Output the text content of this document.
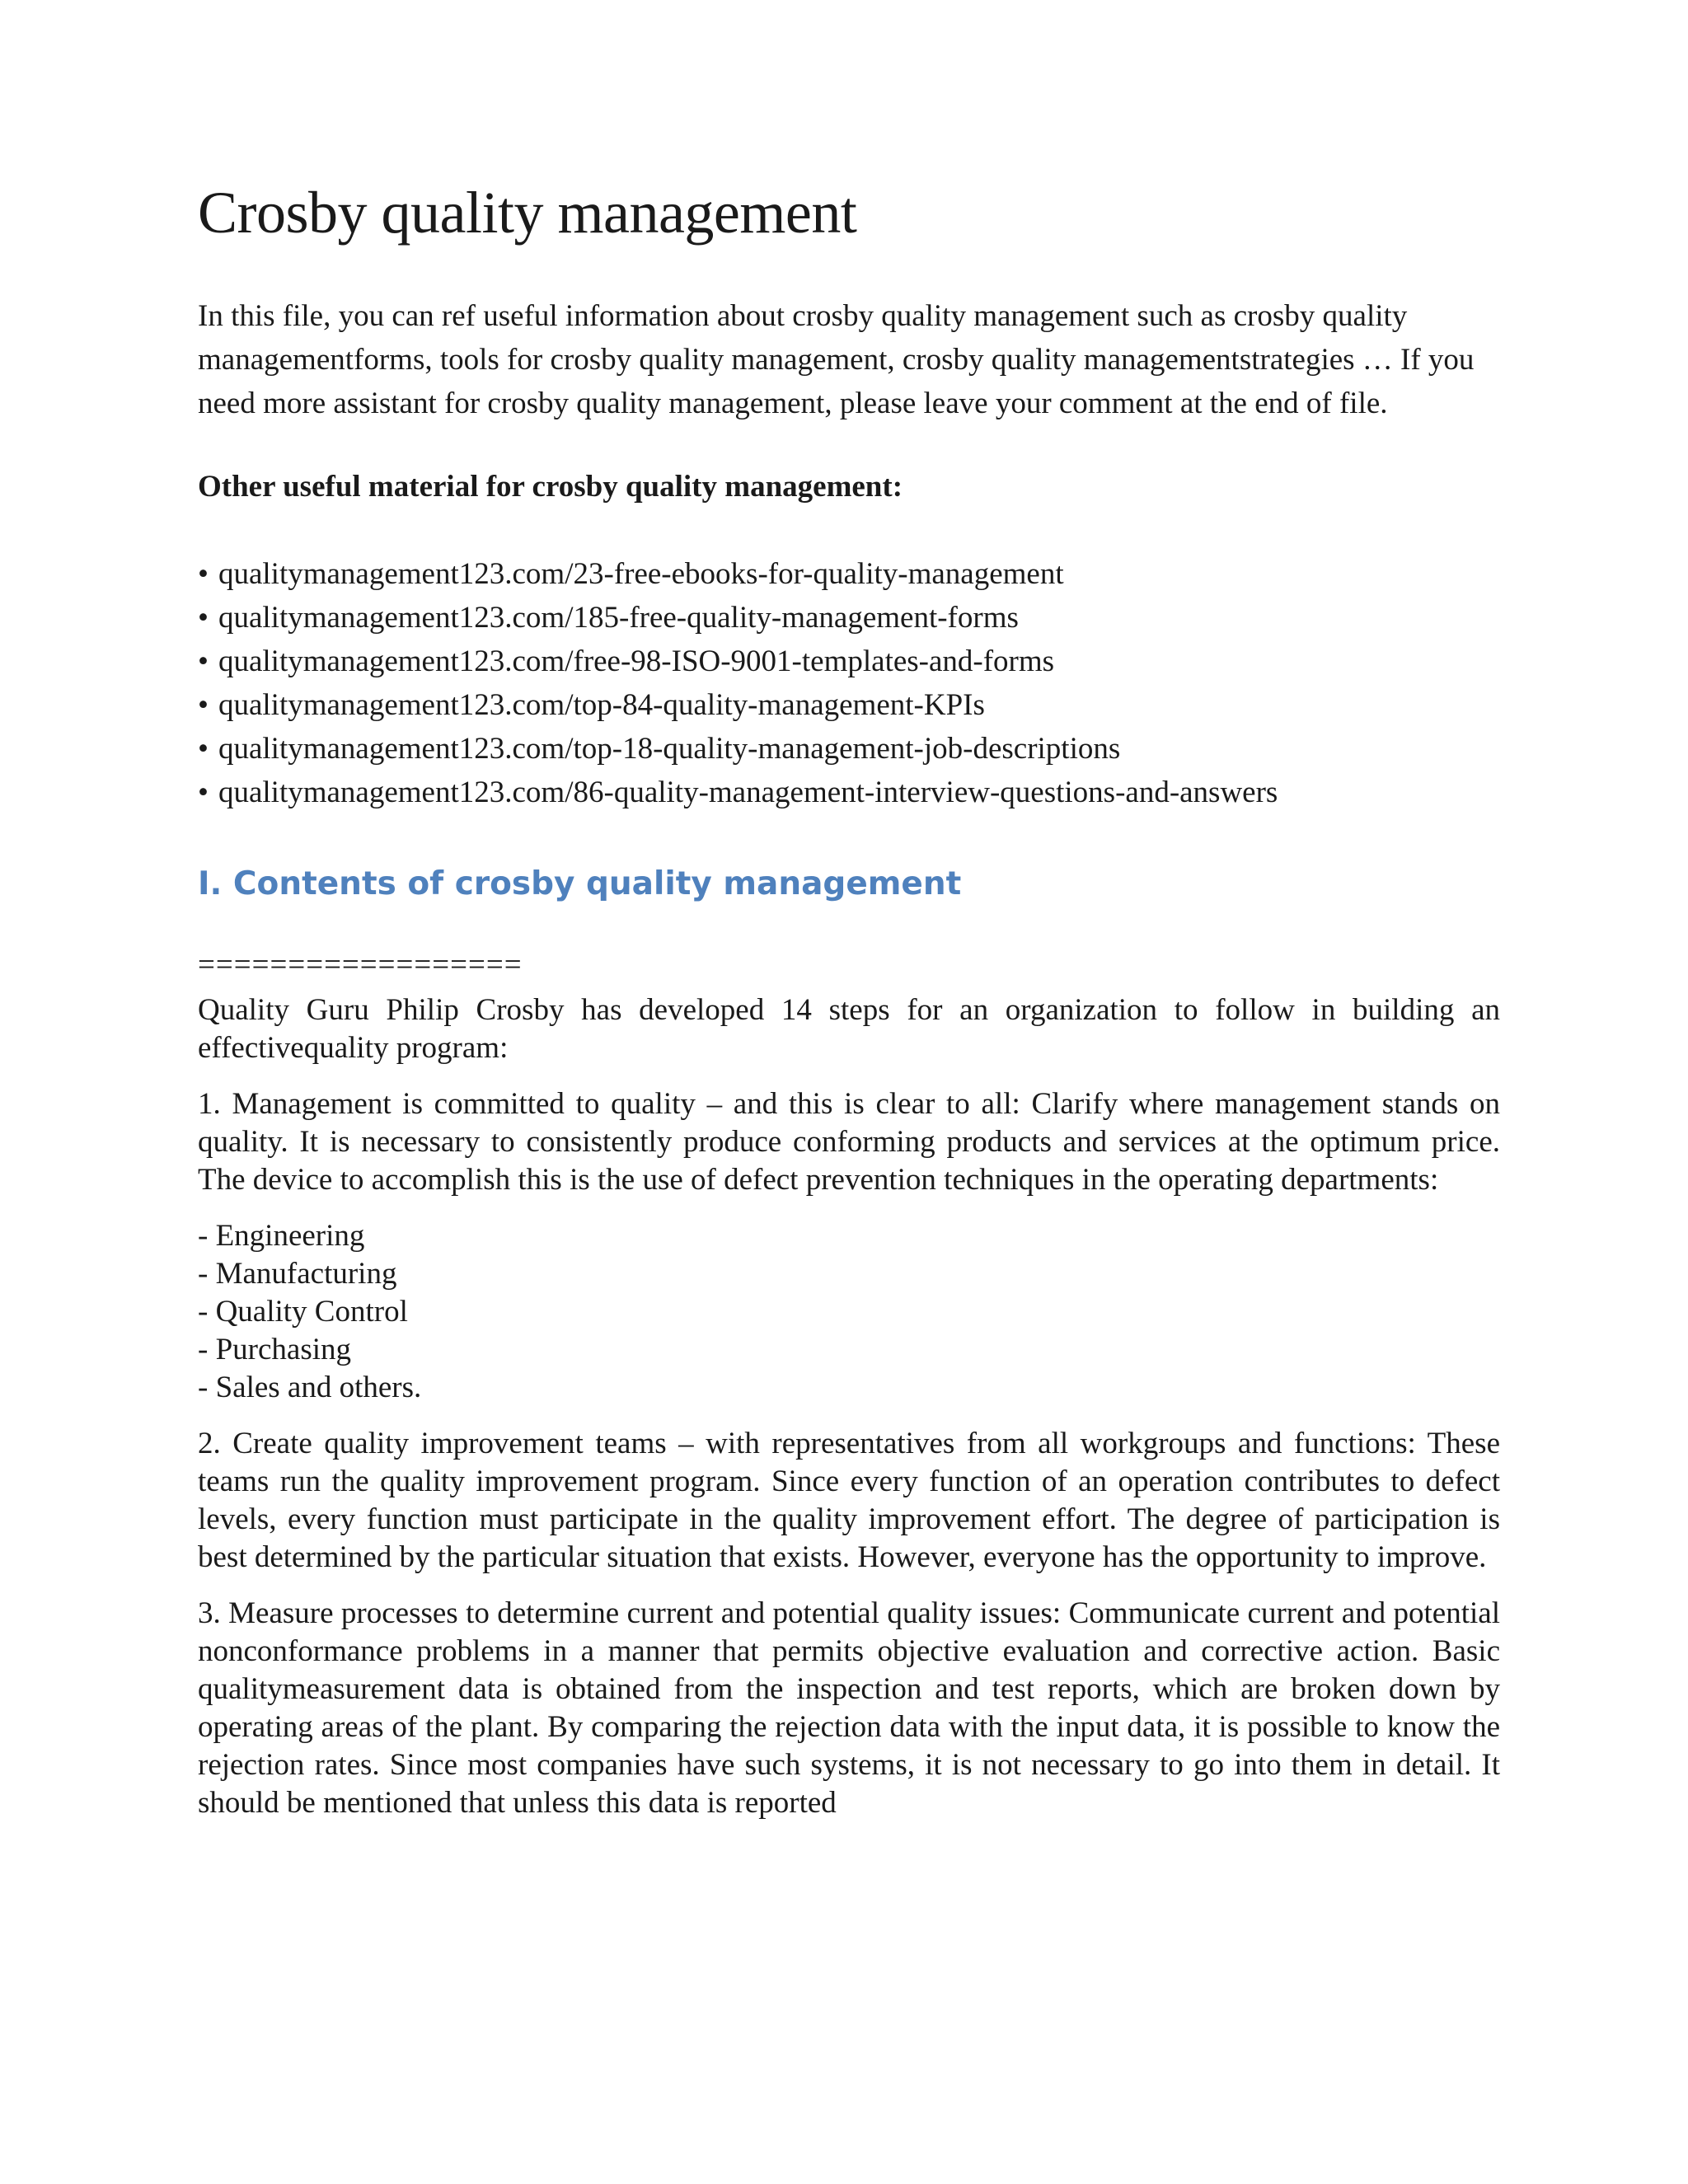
Crosby quality management

In this file, you can ref useful information about crosby quality management such as crosby quality managementforms, tools for crosby quality management, crosby quality managementstrategies … If you need more assistant for crosby quality management, please leave your comment at the end of file.

Other useful material for crosby quality management:

• qualitymanagement123.com/23-free-ebooks-for-quality-management
• qualitymanagement123.com/185-free-quality-management-forms
• qualitymanagement123.com/free-98-ISO-9001-templates-and-forms
• qualitymanagement123.com/top-84-quality-management-KPIs
• qualitymanagement123.com/top-18-quality-management-job-descriptions
• qualitymanagement123.com/86-quality-management-interview-questions-and-answers
I. Contents of crosby quality management
==================

Quality Guru Philip Crosby has developed 14 steps for an organization to follow in building an effectivequality program:

1. Management is committed to quality – and this is clear to all: Clarify where management stands on quality. It is necessary to consistently produce conforming products and services at the optimum price. The device to accomplish this is the use of defect prevention techniques in the operating departments:

- Engineering
- Manufacturing
- Quality Control
- Purchasing
- Sales and others.

2. Create quality improvement teams – with representatives from all workgroups and functions: These teams run the quality improvement program. Since every function of an operation contributes to defect levels, every function must participate in the quality improvement effort. The degree of participation is best determined by the particular situation that exists. However, everyone has the opportunity to improve.

3. Measure processes to determine current and potential quality issues: Communicate current and potential nonconformance problems in a manner that permits objective evaluation and corrective action. Basic qualitymeasurement data is obtained from the inspection and test reports, which are broken down by operating areas of the plant. By comparing the rejection data with the input data, it is possible to know the rejection rates. Since most companies have such systems, it is not necessary to go into them in detail. It should be mentioned that unless this data is reported
